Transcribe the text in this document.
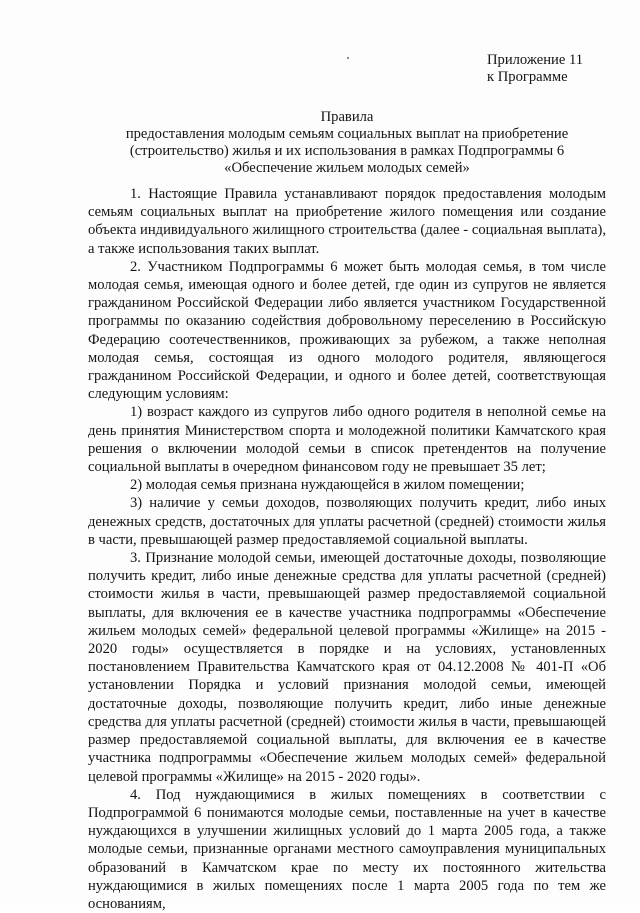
Приложение 11
к Программе
Правила
предоставления молодым семьям социальных выплат на приобретение (строительство) жилья и их использования в рамках Подпрограммы 6 «Обеспечение жильем молодых семей»

1. Настоящие Правила устанавливают порядок предоставления молодым семьям социальных выплат на приобретение жилого помещения или создание объекта индивидуального жилищного строительства (далее - социальная выплата), а также использования таких выплат.

2. Участником Подпрограммы 6 может быть молодая семья, в том числе молодая семья, имеющая одного и более детей, где один из супругов не является гражданином Российской Федерации либо является участником Государственной программы по оказанию содействия добровольному переселению в Российскую Федерацию соотечественников, проживающих за рубежом, а также неполная молодая семья, состоящая из одного молодого родителя, являющегося гражданином Российской Федерации, и одного и более детей, соответствующая следующим условиям:

1) возраст каждого из супругов либо одного родителя в неполной семье на день принятия Министерством спорта и молодежной политики Камчатского края решения о включении молодой семьи в список претендентов на получение социальной выплаты в очередном финансовом году не превышает 35 лет;

2) молодая семья признана нуждающейся в жилом помещении;

3) наличие у семьи доходов, позволяющих получить кредит, либо иных денежных средств, достаточных для уплаты расчетной (средней) стоимости жилья в части, превышающей размер предоставляемой социальной выплаты.

3. Признание молодой семьи, имеющей достаточные доходы, позволяющие получить кредит, либо иные денежные средства для уплаты расчетной (средней) стоимости жилья в части, превышающей размер предоставляемой социальной выплаты, для включения ее в качестве участника подпрограммы «Обеспечение жильем молодых семей» федеральной целевой программы «Жилище» на 2015 - 2020 годы» осуществляется в порядке и на условиях, установленных постановлением Правительства Камчатского края от 04.12.2008 № 401-П «Об установлении Порядка и условий признания молодой семьи, имеющей достаточные доходы, позволяющие получить кредит, либо иные денежные средства для уплаты расчетной (средней) стоимости жилья в части, превышающей размер предоставляемой социальной выплаты, для включения ее в качестве участника подпрограммы «Обеспечение жильем молодых семей» федеральной целевой программы «Жилище» на 2015 - 2020 годы».

4. Под нуждающимися в жилых помещениях в соответствии с Подпрограммой 6 понимаются молодые семьи, поставленные на учет в качестве нуждающихся в улучшении жилищных условий до 1 марта 2005 года, а также молодые семьи, признанные органами местного самоуправления муниципальных образований в Камчатском крае по месту их постоянного жительства нуждающимися в жилых помещениях после 1 марта 2005 года по тем же основаниям,
